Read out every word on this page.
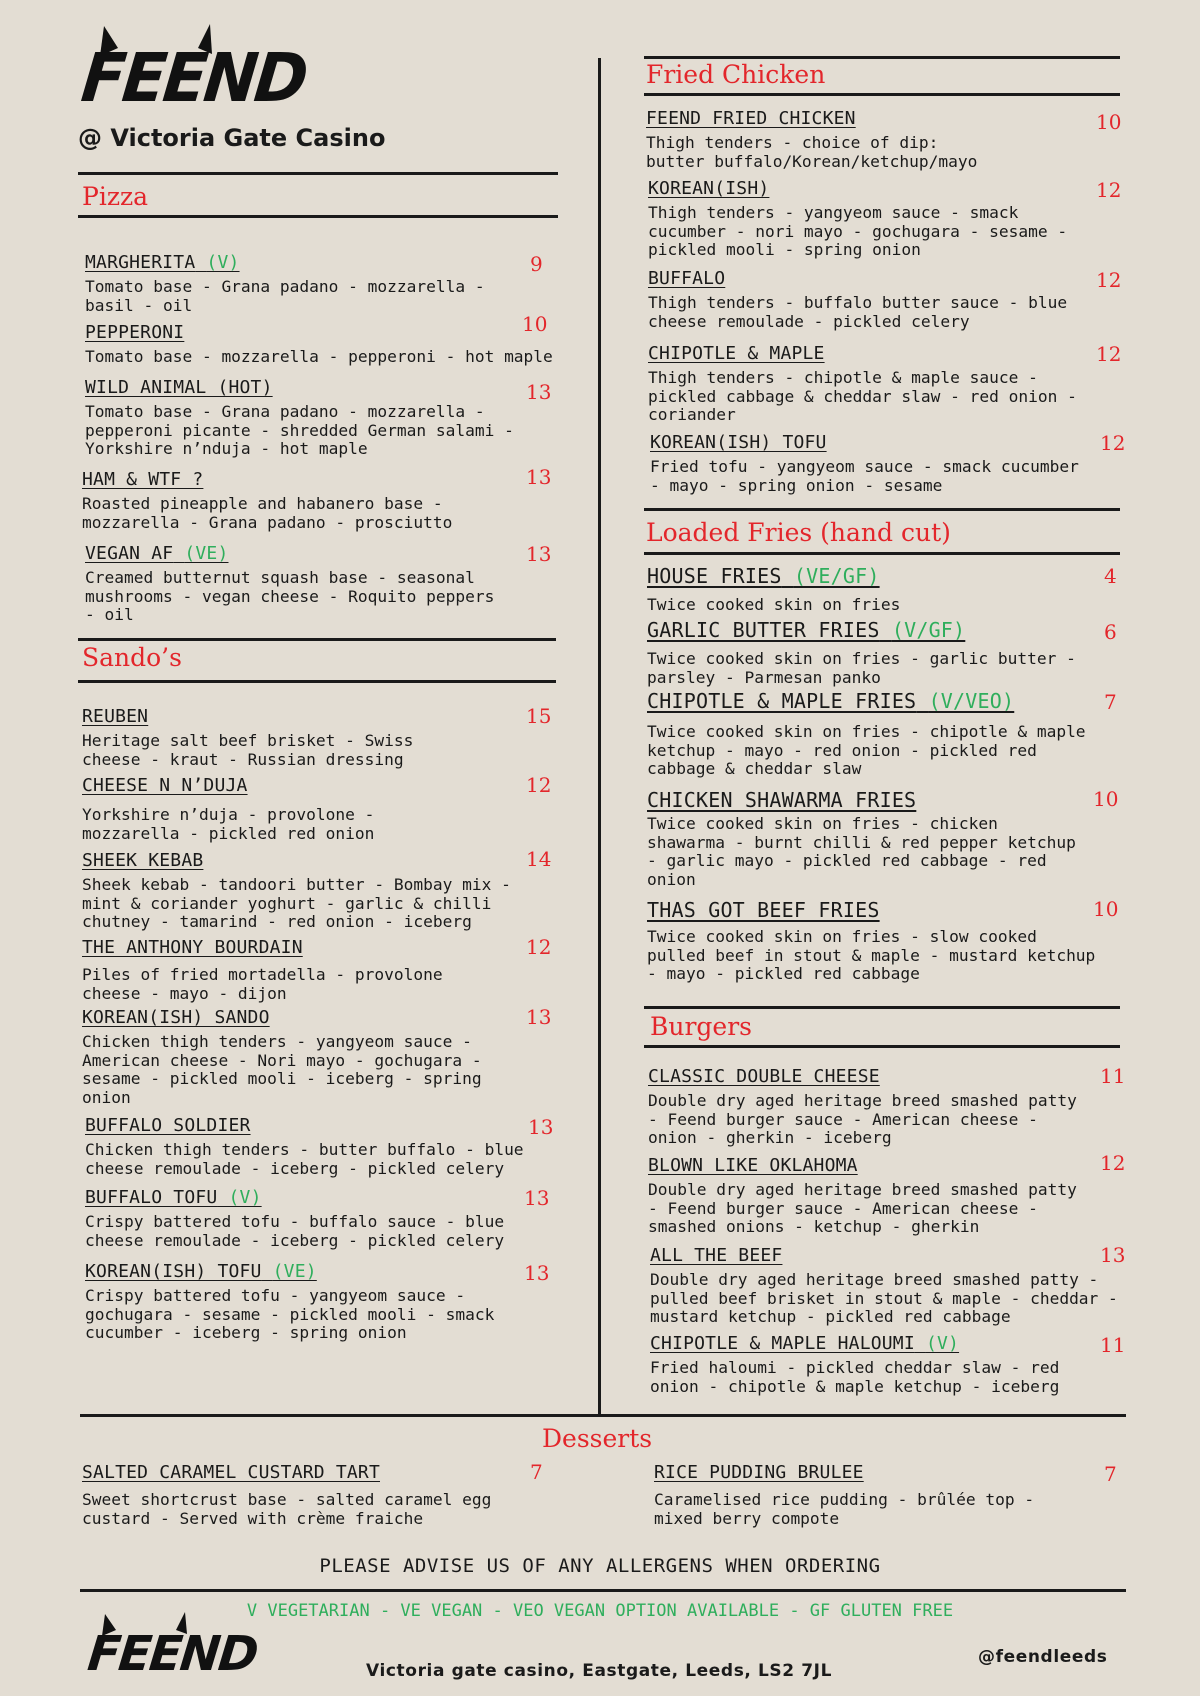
FEEND
@ Victoria Gate Casino
Pizza
Sando’s
Fried Chicken
Loaded Fries (hand cut)
Burgers
Desserts
MARGHERITA (V)
Tomato base - Grana padano - mozzarella -
basil - oil
9
PEPPERONI
Tomato base - mozzarella - pepperoni - hot maple
10
WILD ANIMAL (HOT)
Tomato base - Grana padano - mozzarella -
pepperoni picante - shredded German salami -
Yorkshire n’nduja - hot maple
13
HAM & WTF ?
Roasted pineapple and habanero base -
mozzarella - Grana padano - prosciutto
13
VEGAN AF (VE)
Creamed butternut squash base - seasonal
mushrooms - vegan cheese - Roquito peppers
- oil
13
REUBEN
Heritage salt beef brisket - Swiss
cheese - kraut - Russian dressing
15
CHEESE N N’DUJA
Yorkshire n’duja - provolone -
mozzarella - pickled red onion
12
SHEEK KEBAB
Sheek kebab - tandoori butter - Bombay mix -
mint & coriander yoghurt - garlic & chilli
chutney - tamarind - red onion - iceberg
14
THE ANTHONY BOURDAIN
Piles of fried mortadella - provolone
cheese - mayo - dijon
12
KOREAN(ISH) SANDO
Chicken thigh tenders - yangyeom sauce -
American cheese - Nori mayo - gochugara -
sesame - pickled mooli - iceberg - spring
onion
13
BUFFALO SOLDIER
Chicken thigh tenders - butter buffalo - blue
cheese remoulade - iceberg - pickled celery
13
BUFFALO TOFU (V)
Crispy battered tofu - buffalo sauce - blue
cheese remoulade - iceberg - pickled celery
13
KOREAN(ISH) TOFU (VE)
Crispy battered tofu - yangyeom sauce -
gochugara - sesame - pickled mooli - smack
cucumber - iceberg - spring onion
13
FEEND FRIED CHICKEN
Thigh tenders - choice of dip:
butter buffalo/Korean/ketchup/mayo
10
KOREAN(ISH)
Thigh tenders - yangyeom sauce - smack
cucumber - nori mayo - gochugara - sesame -
pickled mooli - spring onion
12
BUFFALO
Thigh tenders - buffalo butter sauce - blue
cheese remoulade - pickled celery
12
CHIPOTLE & MAPLE
Thigh tenders - chipotle & maple sauce -
pickled cabbage & cheddar slaw - red onion -
coriander
12
KOREAN(ISH) TOFU
Fried tofu - yangyeom sauce - smack cucumber
- mayo - spring onion - sesame
12
HOUSE FRIES (VE/GF)
Twice cooked skin on fries
4
GARLIC BUTTER FRIES (V/GF)
Twice cooked skin on fries - garlic butter -
parsley - Parmesan panko
6
CHIPOTLE & MAPLE FRIES (V/VEO)
Twice cooked skin on fries - chipotle & maple
ketchup - mayo - red onion - pickled red
cabbage & cheddar slaw
7
CHICKEN SHAWARMA FRIES
Twice cooked skin on fries - chicken
shawarma - burnt chilli & red pepper ketchup
- garlic mayo - pickled red cabbage - red
onion
10
THAS GOT BEEF FRIES
Twice cooked skin on fries - slow cooked
pulled beef in stout & maple - mustard ketchup
- mayo - pickled red cabbage
10
CLASSIC DOUBLE CHEESE
Double dry aged heritage breed smashed patty
- Feend burger sauce - American cheese -
onion - gherkin - iceberg
11
BLOWN LIKE OKLAHOMA
Double dry aged heritage breed smashed patty
- Feend burger sauce - American cheese -
smashed onions - ketchup - gherkin
12
ALL THE BEEF
Double dry aged heritage breed smashed patty -
pulled beef brisket in stout & maple - cheddar -
mustard ketchup - pickled red cabbage
13
CHIPOTLE & MAPLE HALOUMI (V)
Fried haloumi - pickled cheddar slaw - red
onion - chipotle & maple ketchup - iceberg
11
SALTED CARAMEL CUSTARD TART
Sweet shortcrust base - salted caramel egg
custard - Served with crème fraiche
7	RICE PUDDING BRULEE
Caramelised rice pudding - brûlée top -
mixed berry compote
7
PLEASE ADVISE US OF ANY ALLERGENS WHEN ORDERING
V VEGETARIAN - VE VEGAN - VEO VEGAN OPTION AVAILABLE - GF GLUTEN FREE
FEEND	Victoria gate casino, Eastgate, Leeds, LS2 7JL
@feendleeds
